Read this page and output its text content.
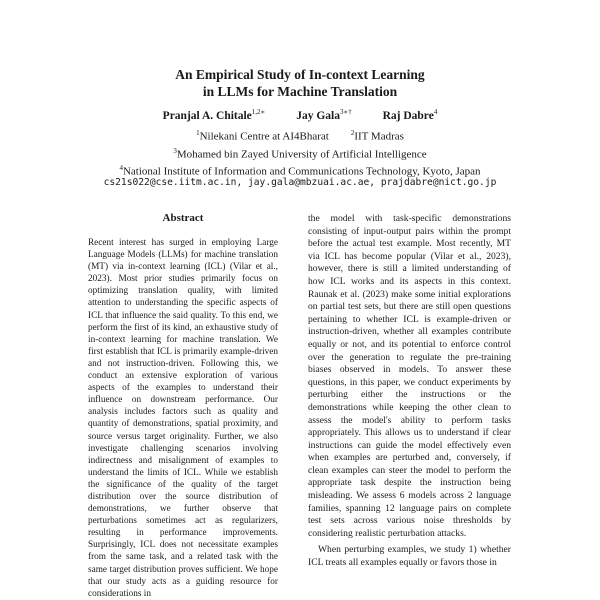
An Empirical Study of In-context Learning
in LLMs for Machine Translation
Pranjal A. Chitale$^{1,2∗}$	Jay Gala$^{3∗\dagger}$	Raj Dabre$^4$
$^1$Nilekani Centre at AI4Bharat	$^2$IIT Madras
$^3$Mohamed bin Zayed University of Artificial Intelligence
$^4$National Institute of Information and Communications Technology, Kyoto, Japan
cs21s022@cse.iitm.ac.in, jay.gala@mbzuai.ac.ae, prajdabre@nict.go.jp
Abstract

Recent interest has surged in employing Large Language Models (LLMs) for machine translation (MT) via in-context learning (ICL) (Vilar et al., 2023). Most prior studies primarily focus on optimizing translation quality, with limited attention to understanding the specific aspects of ICL that influence the said quality. To this end, we perform the first of its kind, an exhaustive study of in-context learning for machine translation. We first establish that ICL is primarily example-driven and not instruction-driven. Following this, we conduct an extensive exploration of various aspects of the examples to understand their influence on downstream performance. Our analysis includes factors such as quality and quantity of demonstrations, spatial proximity, and source versus target originality. Further, we also investigate challenging scenarios involving indirectness and misalignment of examples to understand the limits of ICL. While we establish the significance of the quality of the target distribution over the source distribution of demonstrations, we further observe that perturbations sometimes act as regularizers, resulting in performance improvements. Surprisingly, ICL does not necessitate examples from the same task, and a related task with the same target distribution proves sufficient. We hope that our study acts as a guiding resource for considerations in

the model with task-specific demonstrations consisting of input-output pairs within the prompt before the actual test example. Most recently, MT via ICL has become popular (Vilar et al., 2023), however, there is still a limited understanding of how ICL works and its aspects in this context. Raunak et al. (2023) make some initial explorations on partial test sets, but there are still open questions pertaining to whether ICL is example-driven or instruction-driven, whether all examples contribute equally or not, and its potential to enforce control over the generation to regulate the pre-training biases observed in models. To answer these questions, in this paper, we conduct experiments by perturbing either the instructions or the demonstrations while keeping the other clean to assess the model's ability to perform tasks appropriately. This allows us to understand if clear instructions can guide the model effectively even when examples are perturbed and, conversely, if clean examples can steer the model to perform the appropriate task despite the instruction being misleading. We assess 6 models across 2 language families, spanning 12 language pairs on complete test sets across various noise thresholds by considering realistic perturbation attacks.

When perturbing examples, we study 1) whether ICL treats all examples equally or favors those in
